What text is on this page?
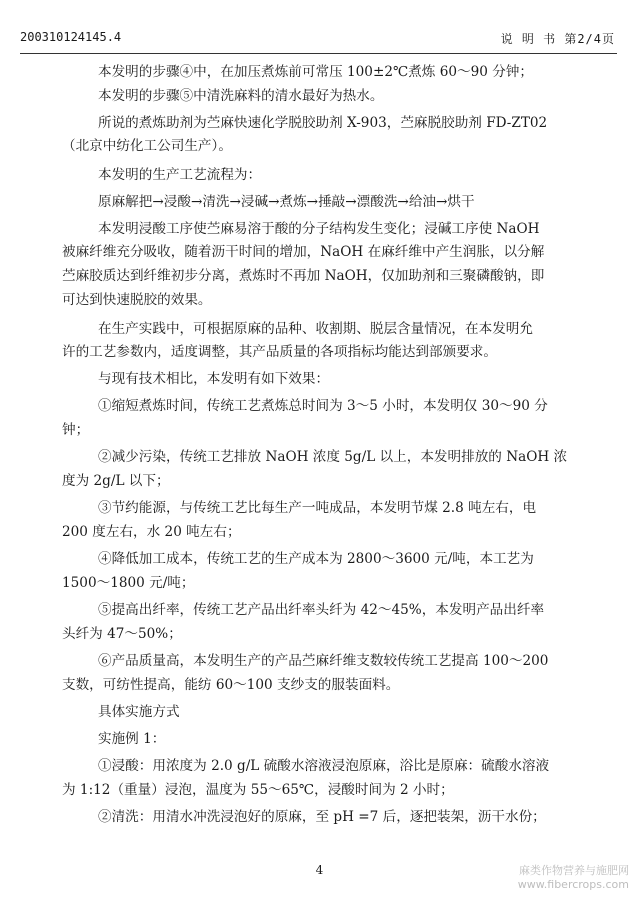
200310124145.4	说 明 书 第2/4页
本发明的步骤④中，在加压煮炼前可常压 100±2℃煮炼 60～90 分钟；
本发明的步骤⑤中清洗麻料的清水最好为热水。
所说的煮炼助剂为苎麻快速化学脱胶助剂 X-903，苎麻脱胶助剂 FD-ZT02
（北京中纺化工公司生产）。
本发明的生产工艺流程为：
原麻解把→浸酸→清洗→浸碱→煮炼→捶敲→漂酸洗→给油→烘干
本发明浸酸工序使苎麻易溶于酸的分子结构发生变化；浸碱工序使 NaOH
被麻纤维充分吸收，随着沥干时间的增加，NaOH 在麻纤维中产生润胀，以分解
苎麻胶质达到纤维初步分离，煮炼时不再加 NaOH，仅加助剂和三聚磷酸钠，即
可达到快速脱胶的效果。
在生产实践中，可根据原麻的品种、收割期、脱层含量情况，在本发明允
许的工艺参数内，适度调整，其产品质量的各项指标均能达到部颁要求。
与现有技术相比，本发明有如下效果：
①缩短煮炼时间，传统工艺煮炼总时间为 3～5 小时，本发明仅 30～90 分
钟；
②减少污染，传统工艺排放 NaOH 浓度 5g/L 以上，本发明排放的 NaOH 浓
度为 2g/L 以下；
③节约能源，与传统工艺比每生产一吨成品，本发明节煤 2.8 吨左右，电
200 度左右，水 20 吨左右；
④降低加工成本，传统工艺的生产成本为 2800～3600 元/吨，本工艺为
1500～1800 元/吨；
⑤提高出纤率，传统工艺产品出纤率头纤为 42～45%，本发明产品出纤率
头纤为 47～50%；
⑥产品质量高，本发明生产的产品苎麻纤维支数较传统工艺提高 100～200
支数，可纺性提高，能纺 60～100 支纱支的服装面料。
具体实施方式
实施例 1：
①浸酸：用浓度为 2.0 g/L 硫酸水溶液浸泡原麻，浴比是原麻：硫酸水溶液
为 1:12（重量）浸泡，温度为 55～65℃，浸酸时间为 2 小时；
②清洗：用清水冲洗浸泡好的原麻，至 pH =7 后，逐把装架，沥干水份；
4	麻类作物营养与施肥网
www.fibercrops.com
